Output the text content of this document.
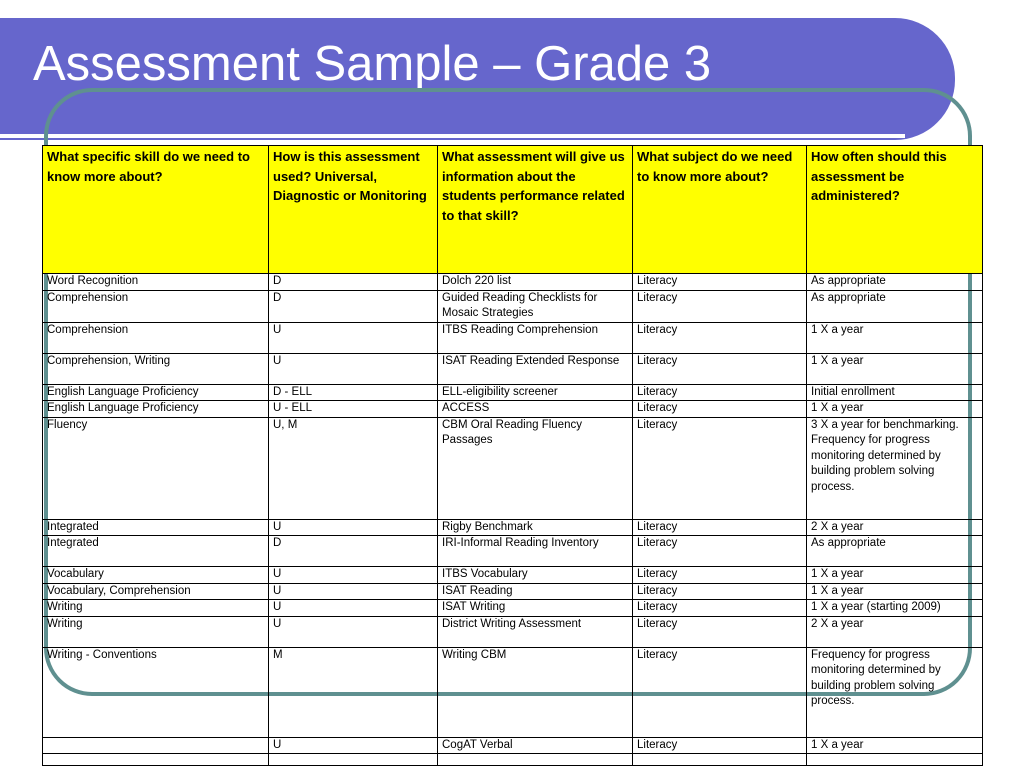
Assessment Sample – Grade 3
What specific skill do we need to know more about?	How is this assessment used? Universal, Diagnostic or Monitoring	What assessment will give us information about the students performance related to that skill?	What subject do we need to know more about?	How often should this assessment be administered?
Word Recognition	D	Dolch 220 list	Literacy	As appropriate
Comprehension	D	Guided Reading Checklists for Mosaic Strategies	Literacy	As appropriate
Comprehension	U	ITBS Reading Comprehension	Literacy	1 X a year
Comprehension, Writing	U	ISAT Reading Extended Response	Literacy	1 X a year
English Language Proficiency	D - ELL	ELL-eligibility screener	Literacy	Initial enrollment
English Language Proficiency	U - ELL	ACCESS	Literacy	1 X a year
Fluency	U, M	CBM Oral Reading Fluency Passages	Literacy	3 X a year for benchmarking. Frequency for progress monitoring determined by building problem solving process.
Integrated	U	Rigby Benchmark	Literacy	2 X a year
Integrated	D	IRI-Informal Reading Inventory	Literacy	As appropriate
Vocabulary	U	ITBS Vocabulary	Literacy	1 X a year
Vocabulary, Comprehension	U	ISAT Reading	Literacy	1 X a year
Writing	U	ISAT Writing	Literacy	1 X a year (starting 2009)
Writing	U	District Writing Assessment	Literacy	2 X a year
Writing - Conventions	M	Writing CBM	Literacy	Frequency for progress monitoring determined by building problem solving process.
	U	CogAT Verbal	Literacy	1 X a year
